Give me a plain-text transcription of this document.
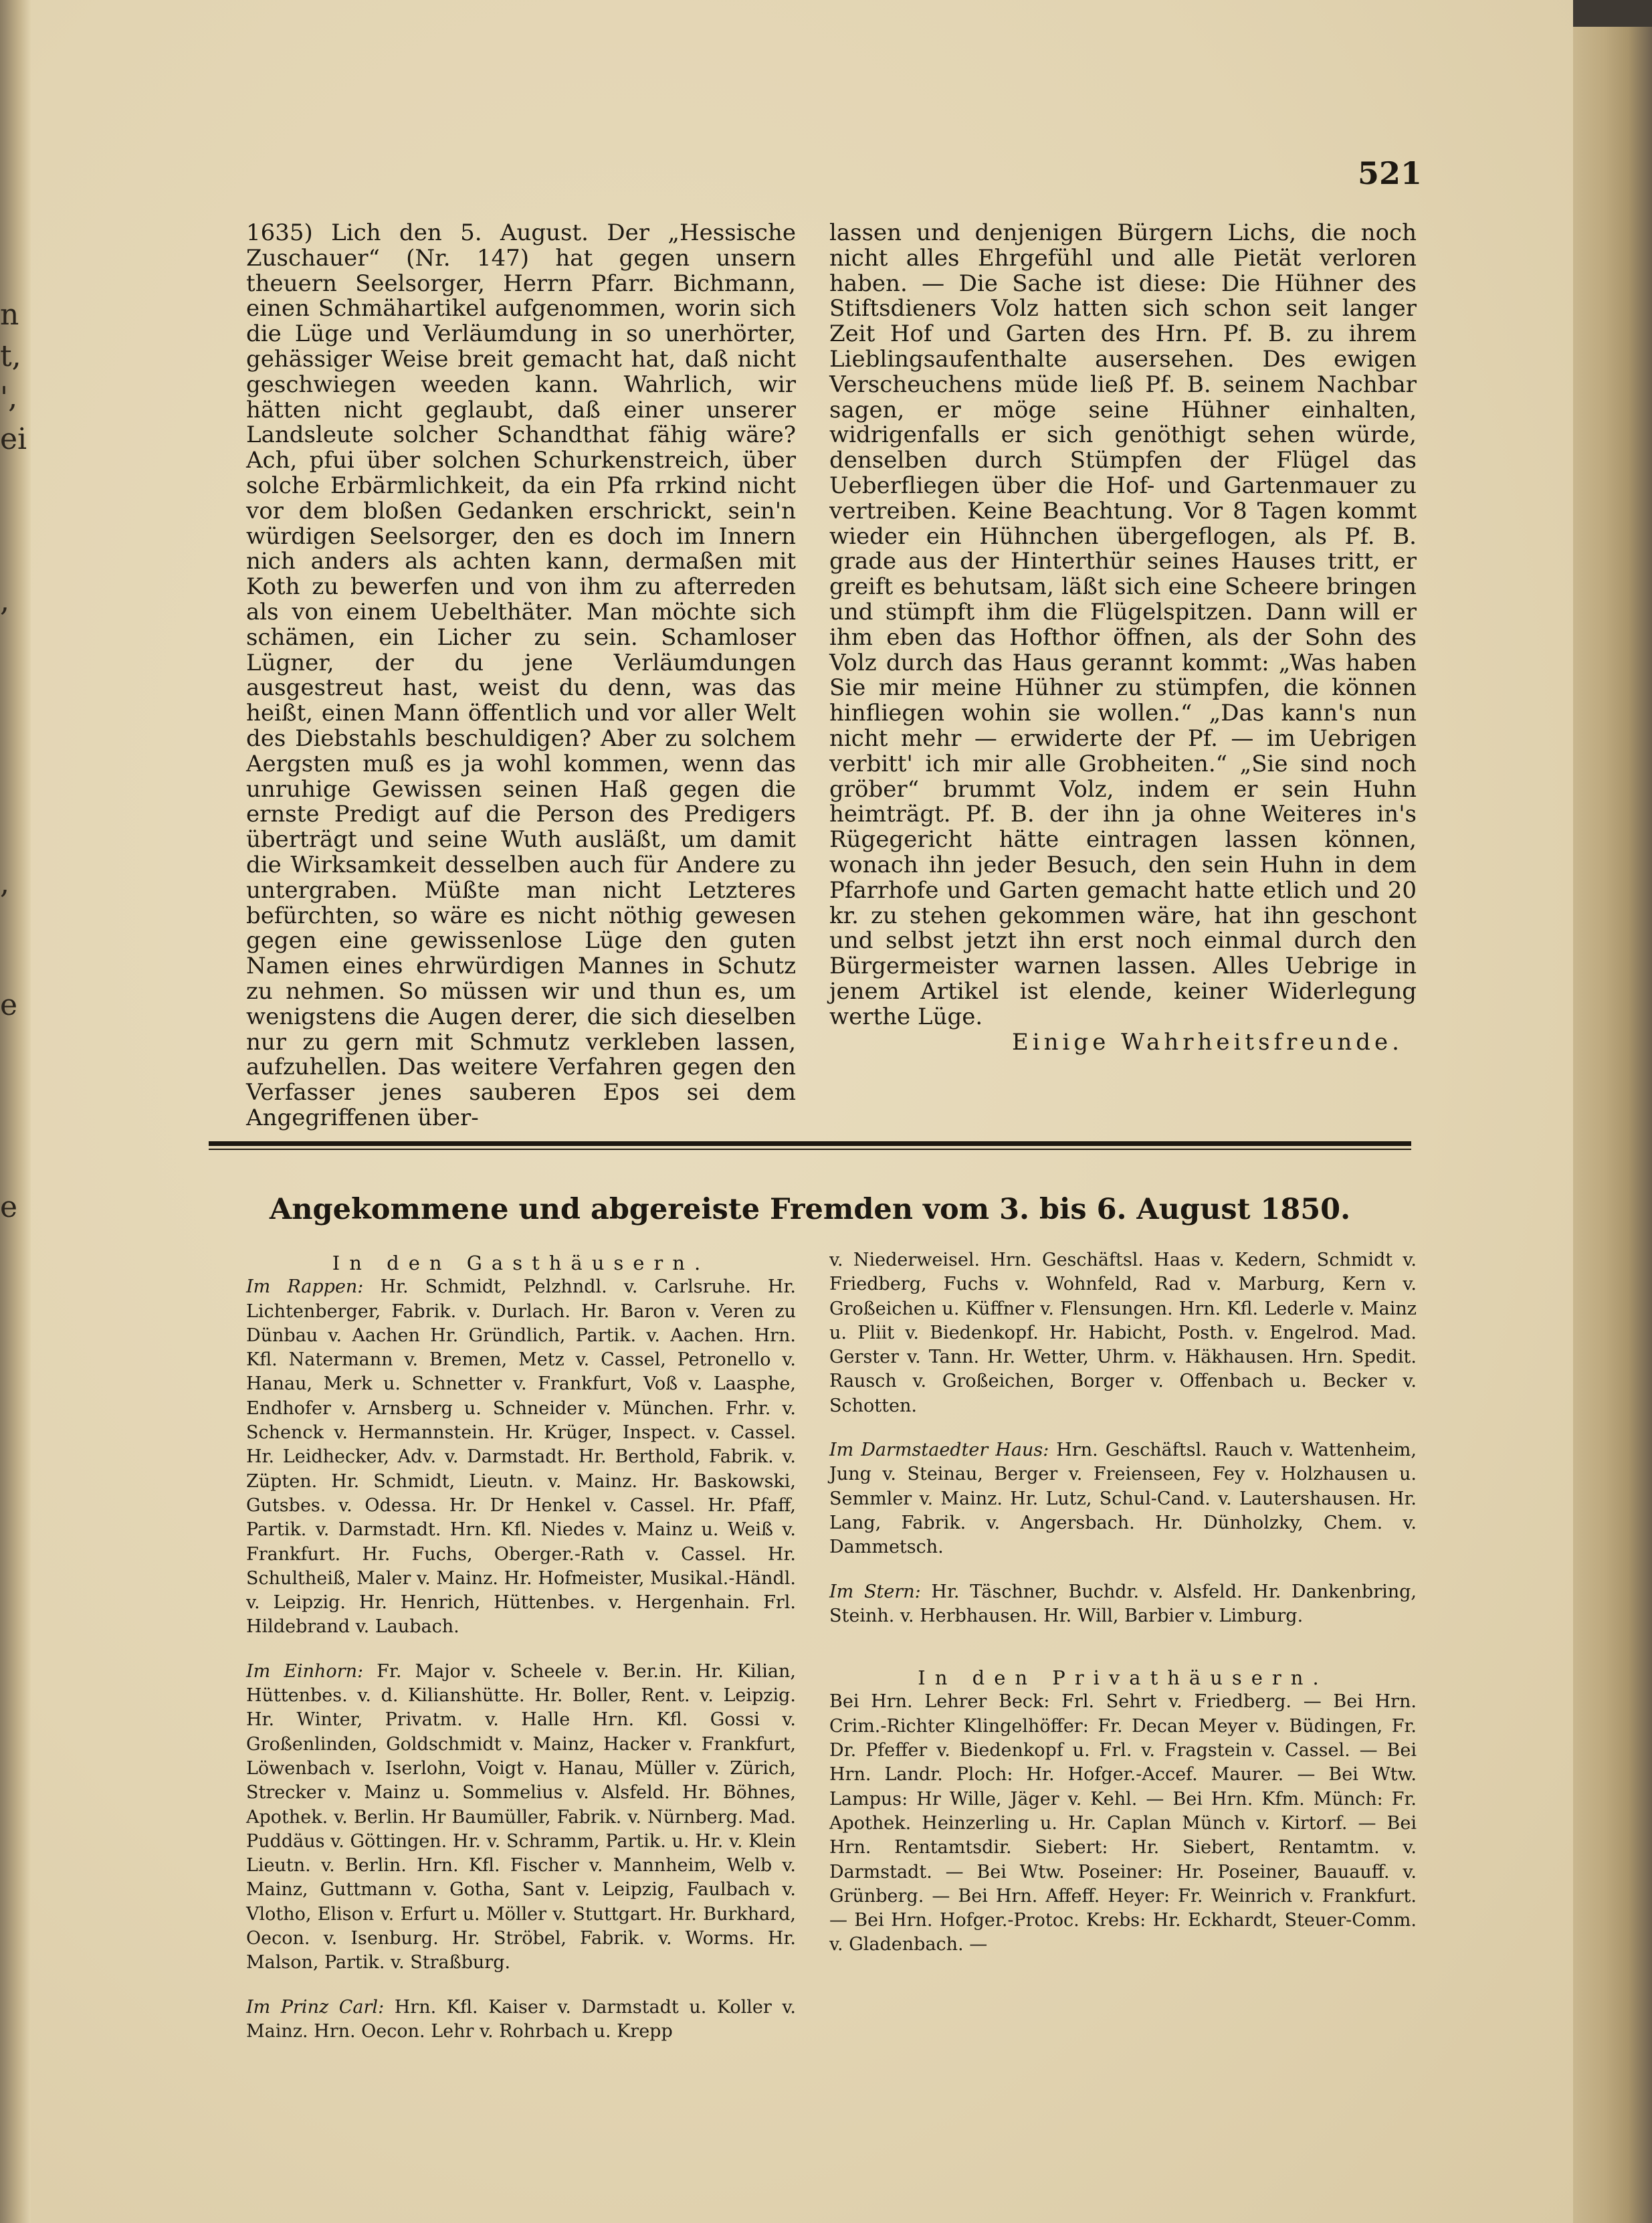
n
t,
',
ei
,
,
e
e
521

1635) Lich den 5. August. Der „Hessische Zuschauer“ (Nr. 147) hat gegen unsern theuern Seelsorger, Herrn Pfarr. Bichmann, einen Schmähartikel aufgenommen, worin sich die Lüge und Verläumdung in so unerhörter, gehässiger Weise breit gemacht hat, daß nicht geschwiegen weeden kann. Wahrlich, wir hätten nicht geglaubt, daß einer unserer Landsleute solcher Schandthat fähig wäre? Ach, pfui über solchen Schurkenstreich, über solche Erbärmlichkeit, da ein Pfa rrkind nicht vor dem bloßen Gedanken erschrickt, sein'n würdigen Seelsorger, den es doch im Innern nich anders als achten kann, dermaßen mit Koth zu bewerfen und von ihm zu afterreden als von einem Uebelthäter. Man möchte sich schämen, ein Licher zu sein. Schamloser Lügner, der du jene Verläumdungen ausgestreut hast, weist du denn, was das heißt, einen Mann öffentlich und vor aller Welt des Diebstahls beschuldigen? Aber zu solchem Aergsten muß es ja wohl kommen, wenn das unruhige Gewissen seinen Haß gegen die ernste Predigt auf die Person des Predigers überträgt und seine Wuth ausläßt, um damit die Wirksamkeit desselben auch für Andere zu untergraben. Müßte man nicht Letzteres befürchten, so wäre es nicht nöthig gewesen gegen eine gewissenlose Lüge den guten Namen eines ehrwürdigen Mannes in Schutz zu nehmen. So müssen wir und thun es, um wenigstens die Augen derer, die sich dieselben nur zu gern mit Schmutz verkleben lassen, aufzuhellen. Das weitere Verfahren gegen den Verfasser jenes sauberen Epos sei dem Angegriffenen über-

lassen und denjenigen Bürgern Lichs, die noch nicht alles Ehrgefühl und alle Pietät verloren haben. — Die Sache ist diese: Die Hühner des Stiftsdieners Volz hatten sich schon seit langer Zeit Hof und Garten des Hrn. Pf. B. zu ihrem Lieblingsaufenthalte ausersehen. Des ewigen Verscheuchens müde ließ Pf. B. seinem Nachbar sagen, er möge seine Hühner einhalten, widrigenfalls er sich genöthigt sehen würde, denselben durch Stümpfen der Flügel das Ueberfliegen über die Hof- und Gartenmauer zu vertreiben. Keine Beachtung. Vor 8 Tagen kommt wieder ein Hühnchen übergeflogen, als Pf. B. grade aus der Hinterthür seines Hauses tritt, er greift es behutsam, läßt sich eine Scheere bringen und stümpft ihm die Flügelspitzen. Dann will er ihm eben das Hofthor öffnen, als der Sohn des Volz durch das Haus gerannt kommt: „Was haben Sie mir meine Hühner zu stümpfen, die können hinfliegen wohin sie wollen.“ „Das kann's nun nicht mehr — erwiderte der Pf. — im Uebrigen verbitt' ich mir alle Grobheiten.“ „Sie sind noch gröber“ brummt Volz, indem er sein Huhn heimträgt. Pf. B. der ihn ja ohne Weiteres in's Rügegericht hätte eintragen lassen können, wonach ihn jeder Besuch, den sein Huhn in dem Pfarrhofe und Garten gemacht hatte etlich und 20 kr. zu stehen gekommen wäre, hat ihn geschont und selbst jetzt ihn erst noch einmal durch den Bürgermeister warnen lassen. Alles Uebrige in jenem Artikel ist elende, keiner Widerlegung werthe Lüge.

Einige Wahrheitsfreunde.

Angekommene und abgereiste Fremden vom 3. bis 6. August 1850.

In den Gasthäusern.

Im Rappen: Hr. Schmidt, Pelzhndl. v. Carlsruhe. Hr. Lichtenberger, Fabrik. v. Durlach. Hr. Baron v. Veren zu Dünbau v. Aachen Hr. Gründlich, Partik. v. Aachen. Hrn. Kfl. Natermann v. Bremen, Metz v. Cassel, Petronello v. Hanau, Merk u. Schnetter v. Frankfurt, Voß v. Laasphe, Endhofer v. Arnsberg u. Schneider v. München. Frhr. v. Schenck v. Hermannstein. Hr. Krüger, Inspect. v. Cassel. Hr. Leidhecker, Adv. v. Darmstadt. Hr. Berthold, Fabrik. v. Züpten. Hr. Schmidt, Lieutn. v. Mainz. Hr. Baskowski, Gutsbes. v. Odessa. Hr. Dr Henkel v. Cassel. Hr. Pfaff, Partik. v. Darmstadt. Hrn. Kfl. Niedes v. Mainz u. Weiß v. Frankfurt. Hr. Fuchs, Oberger.-Rath v. Cassel. Hr. Schultheiß, Maler v. Mainz. Hr. Hofmeister, Musikal.-Händl. v. Leipzig. Hr. Henrich, Hüttenbes. v. Hergenhain. Frl. Hildebrand v. Laubach.

Im Einhorn: Fr. Major v. Scheele v. Ber.in. Hr. Kilian, Hüttenbes. v. d. Kilianshütte. Hr. Boller, Rent. v. Leipzig. Hr. Winter, Privatm. v. Halle Hrn. Kfl. Gossi v. Großenlinden, Goldschmidt v. Mainz, Hacker v. Frankfurt, Löwenbach v. Iserlohn, Voigt v. Hanau, Müller v. Zürich, Strecker v. Mainz u. Sommelius v. Alsfeld. Hr. Böhnes, Apothek. v. Berlin. Hr Baumüller, Fabrik. v. Nürnberg. Mad. Puddäus v. Göttingen. Hr. v. Schramm, Partik. u. Hr. v. Klein Lieutn. v. Berlin. Hrn. Kfl. Fischer v. Mannheim, Welb v. Mainz, Guttmann v. Gotha, Sant v. Leipzig, Faulbach v. Vlotho, Elison v. Erfurt u. Möller v. Stuttgart. Hr. Burkhard, Oecon. v. Isenburg. Hr. Ströbel, Fabrik. v. Worms. Hr. Malson, Partik. v. Straßburg.

Im Prinz Carl: Hrn. Kfl. Kaiser v. Darmstadt u. Koller v. Mainz. Hrn. Oecon. Lehr v. Rohrbach u. Krepp

v. Niederweisel. Hrn. Geschäftsl. Haas v. Kedern, Schmidt v. Friedberg, Fuchs v. Wohnfeld, Rad v. Marburg, Kern v. Großeichen u. Küffner v. Flensungen. Hrn. Kfl. Lederle v. Mainz u. Pliit v. Biedenkopf. Hr. Habicht, Posth. v. Engelrod. Mad. Gerster v. Tann. Hr. Wetter, Uhrm. v. Häkhausen. Hrn. Spedit. Rausch v. Großeichen, Borger v. Offenbach u. Becker v. Schotten.

Im Darmstaedter Haus: Hrn. Geschäftsl. Rauch v. Wattenheim, Jung v. Steinau, Berger v. Freienseen, Fey v. Holzhausen u. Semmler v. Mainz. Hr. Lutz, Schul-Cand. v. Lautershausen. Hr. Lang, Fabrik. v. Angersbach. Hr. Dünholzky, Chem. v. Dammetsch.

Im Stern: Hr. Täschner, Buchdr. v. Alsfeld. Hr. Dankenbring, Steinh. v. Herbhausen. Hr. Will, Barbier v. Limburg.

In den Privathäusern.

Bei Hrn. Lehrer Beck: Frl. Sehrt v. Friedberg. — Bei Hrn. Crim.-Richter Klingelhöffer: Fr. Decan Meyer v. Büdingen, Fr. Dr. Pfeffer v. Biedenkopf u. Frl. v. Fragstein v. Cassel. — Bei Hrn. Landr. Ploch: Hr. Hofger.-Accef. Maurer. — Bei Wtw. Lampus: Hr Wille, Jäger v. Kehl. — Bei Hrn. Kfm. Münch: Fr. Apothek. Heinzerling u. Hr. Caplan Münch v. Kirtorf. — Bei Hrn. Rentamtsdir. Siebert: Hr. Siebert, Rentamtm. v. Darmstadt. — Bei Wtw. Poseiner: Hr. Poseiner, Bauauff. v. Grünberg. — Bei Hrn. Affeff. Heyer: Fr. Weinrich v. Frankfurt. — Bei Hrn. Hofger.-Protoc. Krebs: Hr. Eckhardt, Steuer-Comm. v. Gladenbach. —
